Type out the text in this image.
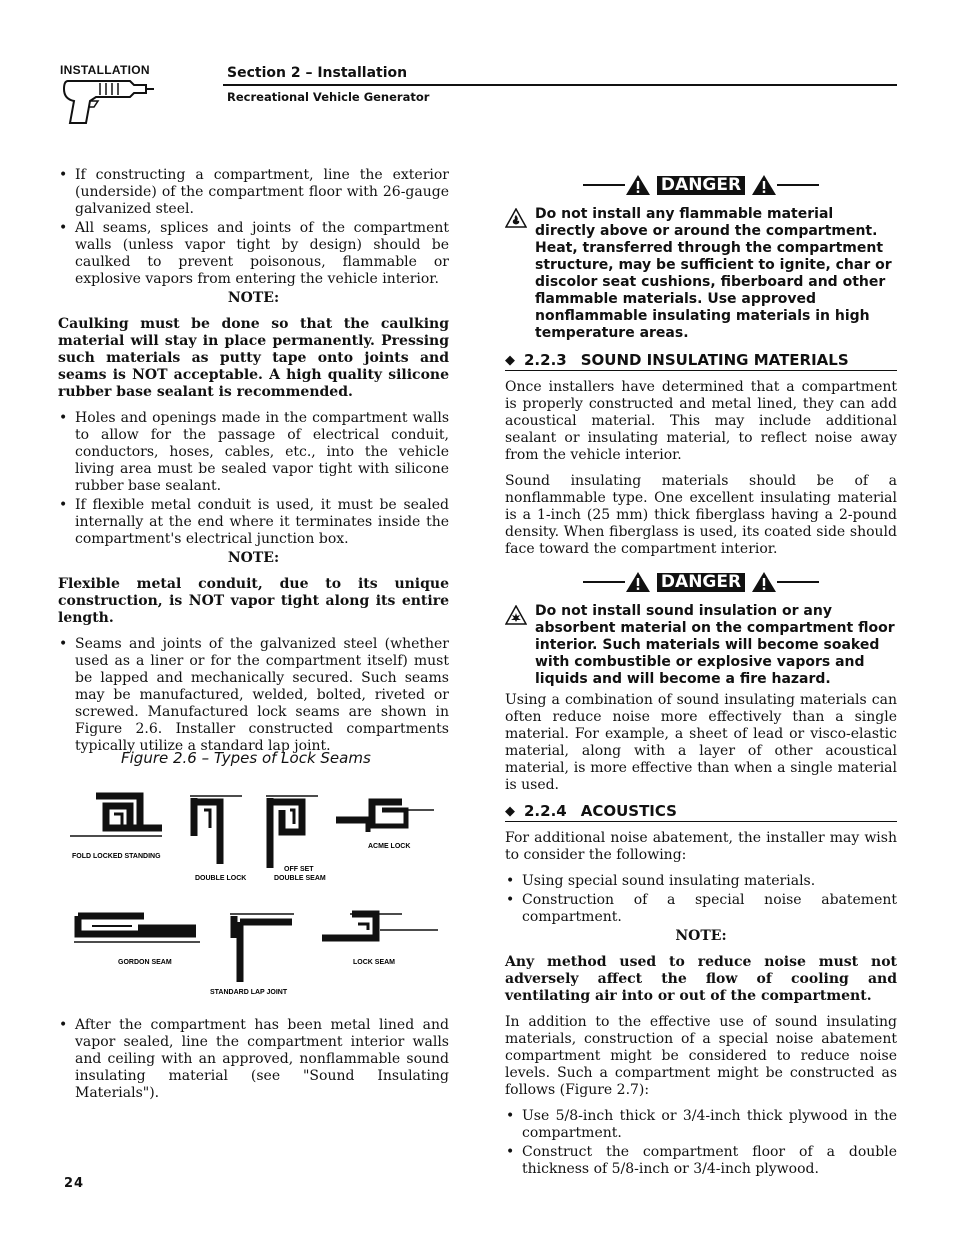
INSTALLATION	Section 2 – Installation
Recreational Vehicle Generator
• If constructing a compartment, line the exterior (underside) of the compartment floor with 26-gauge galvanized steel.
• All seams, splices and joints of the compartment walls (unless vapor tight by design) should be caulked to prevent poisonous, flammable or explosive vapors from entering the vehicle interior.
NOTE:
Caulking must be done so that the caulking material will stay in place permanently. Pressing such materials as putty tape onto joints and seams is NOT acceptable. A high quality silicone rubber base sealant is recommended.
• Holes and openings made in the compartment walls to allow for the passage of electrical conduit, conductors, hoses, cables, etc., into the vehicle living area must be sealed vapor tight with silicone rubber base sealant.
• If flexible metal conduit is used, it must be sealed internally at the end where it terminates inside the compartment's electrical junction box.
NOTE:
Flexible metal conduit, due to its unique construction, is NOT vapor tight along its entire length.
• Seams and joints of the galvanized steel (whether used as a liner or for the compartment itself) must be lapped and mechanically secured. Such seams may be manufactured, welded, bolted, riveted or screwed. Manufactured lock seams are shown in Figure 2.6. Installer constructed compartments typically utilize a standard lap joint.
Figure 2.6 – Types of Lock Seams
FOLD LOCKED STANDING
DOUBLE LOCK
OFF SET
DOUBLE SEAM
ACME LOCK
GORDON SEAM
STANDARD LAP JOINT
LOCK SEAM
• After the compartment has been metal lined and vapor sealed, line the compartment interior walls and ceiling with an approved, nonflammable sound insulating material (see "Sound Insulating Materials").
DANGER
Do not install any flammable material directly above or around the compartment. Heat, transferred through the compartment structure, may be sufficient to ignite, char or discolor seat cushions, fiberboard and other flammable materials. Use approved nonflammable insulating materials in high temperature areas.
◆ 2.2.3 SOUND INSULATING MATERIALS

Once installers have determined that a compartment is properly constructed and metal lined, they can add acoustical material. This may include additional sealant or insulating material, to reflect noise away from the vehicle interior.

Sound insulating materials should be of a nonflammable type. One excellent insulating material is a 1-inch (25 mm) thick fiberglass having a 2-pound density. When fiberglass is used, its coated side should face toward the compartment interior.

DANGER
Do not install sound insulation or any absorbent material on the compartment floor interior. Such materials will become soaked with combustible or explosive vapors and
liquids and will become a fire hazard.

Using a combination of sound insulating materials can often reduce noise more effectively than a single material. For example, a sheet of lead or visco-elastic material, along with a layer of other acoustical material, is more effective than when a single material is used.

◆ 2.2.4 ACOUSTICS

For additional noise abatement, the installer may wish to consider the following:

• Using special sound insulating materials.
• Construction of a special noise abatement compartment.
NOTE:
Any method used to reduce noise must not adversely affect the flow of cooling and ventilating air into or out of the compartment.

In addition to the effective use of sound insulating materials, construction of a special noise abatement compartment might be considered to reduce noise levels. Such a compartment might be constructed as follows (Figure 2.7):

• Use 5/8-inch thick or 3/4-inch thick plywood in the compartment.
• Construct the compartment floor of a double thickness of 5/8-inch or 3/4-inch plywood.
24
